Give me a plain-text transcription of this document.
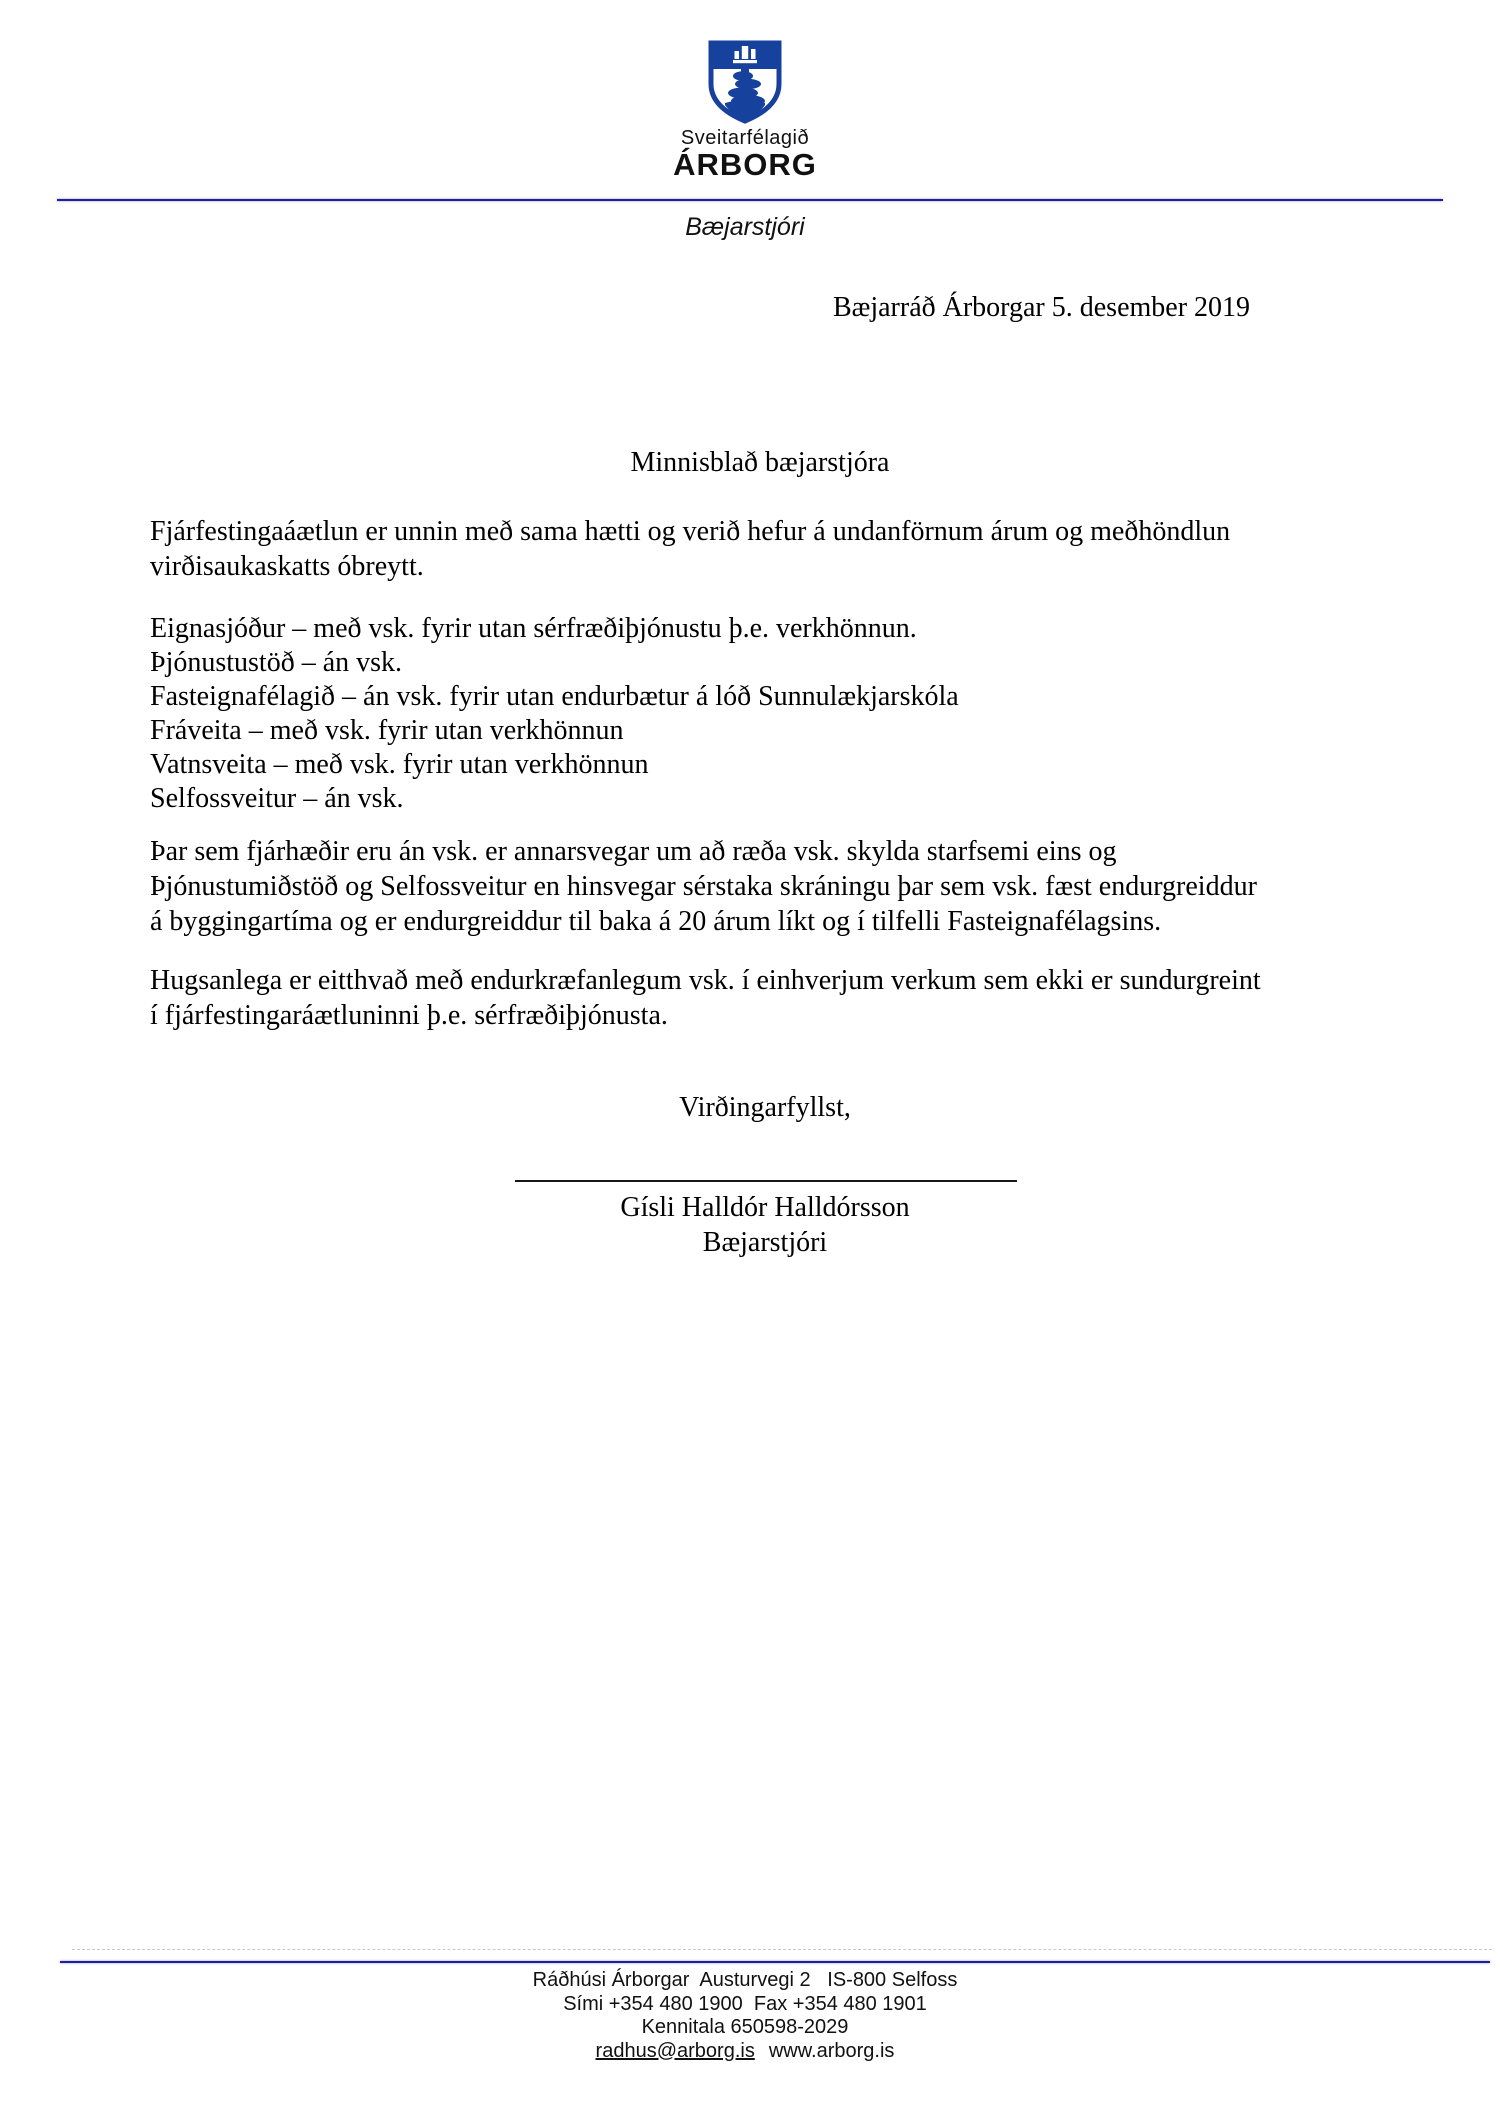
Sveitarfélagið
ÁRBORG
Bæjarstjóri
Bæjarráð Árborgar 5. desember 2019
Minnisblað bæjarstjóra
Fjárfestingaáætlun er unnin með sama hætti og verið hefur á undanförnum árum og meðhöndlun
virðisaukaskatts óbreytt.
Eignasjóður – með vsk. fyrir utan sérfræðiþjónustu þ.e. verkhönnun.
Þjónustustöð – án vsk.
Fasteignafélagið – án vsk. fyrir utan endurbætur á lóð Sunnulækjarskóla
Fráveita – með vsk. fyrir utan verkhönnun
Vatnsveita – með vsk. fyrir utan verkhönnun
Selfossveitur – án vsk.
Þar sem fjárhæðir eru án vsk. er annarsvegar um að ræða vsk. skylda starfsemi eins og
Þjónustumiðstöð og Selfossveitur en hinsvegar sérstaka skráningu þar sem vsk. fæst endurgreiddur
á byggingartíma og er endurgreiddur til baka á 20 árum líkt og í tilfelli Fasteignafélagsins.
Hugsanlega er eitthvað með endurkræfanlegum vsk. í einhverjum verkum sem ekki er sundurgreint
í fjárfestingaráætluninni þ.e. sérfræðiþjónusta.
Virðingarfyllst,
Gísli Halldór Halldórsson
Bæjarstjóri
Ráðhúsi Árborgar  Austurvegi 2   IS-800 Selfoss
Sími +354 480 1900  Fax +354 480 1901
Kennitala 650598-2029
radhus@arborg.is www.arborg.is
